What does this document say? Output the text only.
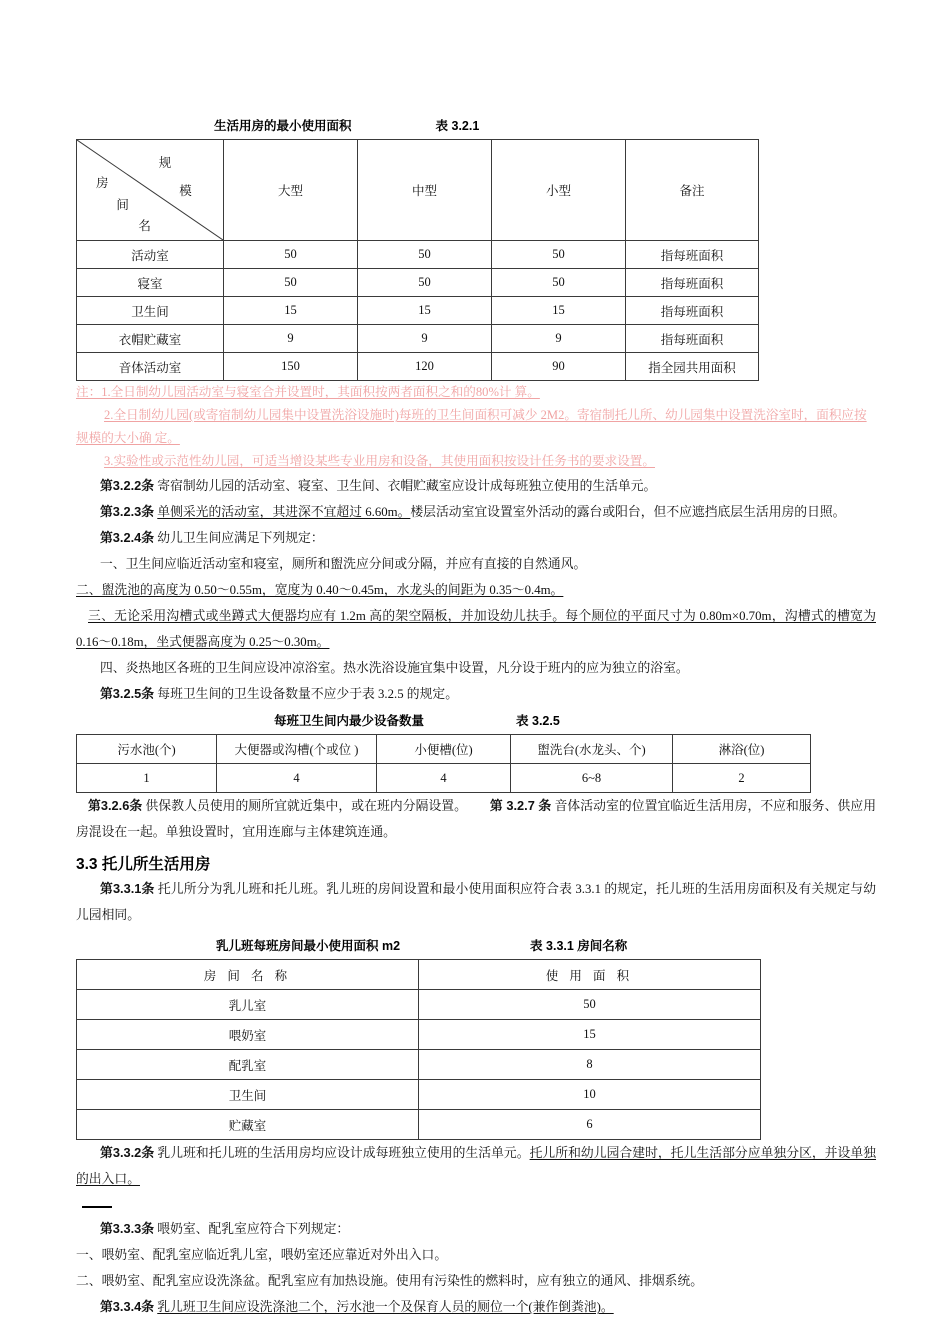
生活用房的最小使用面积	表 3.2.1
规
模
房
间
名	大型	中型	小型	备注
活动室	50	50	50	指每班面积
寝室	50	50	50	指每班面积
卫生间	15	15	15	指每班面积
衣帽贮藏室	9	9	9	指每班面积
音体活动室	150	120	90	指全园共用面积

注：1.全日制幼儿园活动室与寝室合并设置时，其面积按两者面积之和的80%计 算。

2.全日制幼儿园(或寄宿制幼儿园集中设置洗浴设施时)每班的卫生间面积可减少 2M2。寄宿制托儿所、幼儿园集中设置洗浴室时，面积应按规模的大小确 定。

3.实验性或示范性幼儿园，可适当增设某些专业用房和设备，其使用面积按设计任务书的要求设置。

第3.2.2条 寄宿制幼儿园的活动室、寝室、卫生间、衣帽贮藏室应设计成每班独立使用的生活单元。

第3.2.3条 单侧采光的活动室，其进深不宜超过 6.60m。楼层活动室宜设置室外活动的露台或阳台，但不应遮挡底层生活用房的日照。

第3.2.4条 幼儿卫生间应满足下列规定：

一、卫生间应临近活动室和寝室，厕所和盥洗应分间或分隔，并应有直接的自然通风。

二、盥洗池的高度为 0.50～0.55m，宽度为 0.40～0.45m，水龙头的间距为 0.35～0.4m。

三、无论采用沟槽式或坐蹲式大便器均应有 1.2m 高的架空隔板，并加设幼儿扶手。每个厕位的平面尺寸为 0.80m×0.70m，沟槽式的槽宽为 0.16～0.18m，坐式便器高度为 0.25～0.30m。

四、炎热地区各班的卫生间应设冲凉浴室。热水洗浴设施宜集中设置，凡分设于班内的应为独立的浴室。

第3.2.5条 每班卫生间的卫生设备数量不应少于表 3.2.5 的规定。

每班卫生间内最少设备数量	表 3.2.5
污水池(个)	大便器或沟槽(个或位 )	小便槽(位)	盥洗台(水龙头、个)	淋浴(位)
1	4	4	6~8	2

第3.2.6条 供保教人员使用的厕所宜就近集中，或在班内分隔设置。 第 3.2.7 条 音体活动室的位置宜临近生活用房，不应和服务、供应用房混设在一起。单独设置时，宜用连廊与主体建筑连通。

3.3 托儿所生活用房

第3.3.1条 托儿所分为乳儿班和托儿班。乳儿班的房间设置和最小使用面积应符合表 3.3.1 的规定，托儿班的生活用房面积及有关规定与幼儿园相同。

乳儿班每班房间最小使用面积 m2	表 3.3.1 房间名称
房 间 名 称	使 用 面 积
乳儿室	50
喂奶室	15
配乳室	8
卫生间	10
贮藏室	6

第3.3.2条 乳儿班和托儿班的生活用房均应设计成每班独立使用的生活单元。托儿所和幼儿园合建时，托儿生活部分应单独分区，并设单独的出入口。

第3.3.3条 喂奶室、配乳室应符合下列规定：

一、喂奶室、配乳室应临近乳儿室，喂奶室还应靠近对外出入口。

二、喂奶室、配乳室应设洗涤盆。配乳室应有加热设施。使用有污染性的燃料时，应有独立的通风、排烟系统。

第3.3.4条 乳儿班卫生间应设洗涤池二个，污水池一个及保育人员的厕位一个(兼作倒粪池)。
